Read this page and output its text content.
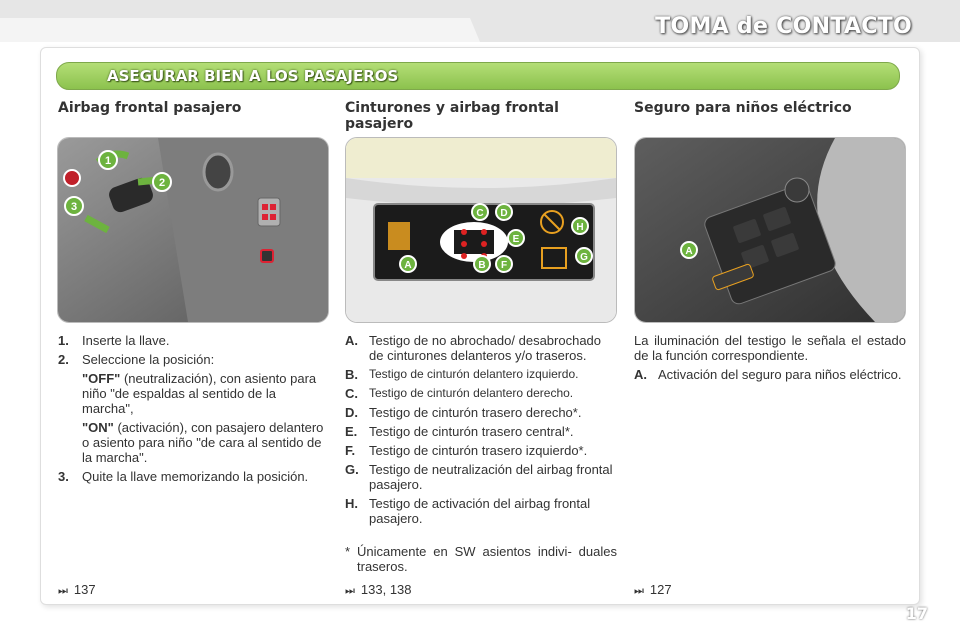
TOMA de CONTACTO
ASEGURAR BIEN A LOS PASAJEROS
Airbag frontal pasajero
1
2
3
1.	Inserte la llave.
2.	Seleccione la posición:
"OFF" (neutralización), con asiento para niño "de espaldas al sentido de la marcha",
"ON" (activación), con pasajero delantero o asiento para niño "de cara al sentido de la marcha".
3.	Quite la llave memorizando la posición.
⏭ 137
Cinturones y airbag frontal pasajero
C D
E
H
A	B F
G
A. Testigo de no abrochado/ desabrochado de cinturones delanteros y/o traseros.
B. Testigo de cinturón delantero izquierdo.
C. Testigo de cinturón delantero derecho.
D. Testigo de cinturón trasero derecho*.
E. Testigo de cinturón trasero central*.
F.	Testigo de cinturón trasero izquierdo*.
G. Testigo de neutralización del airbag frontal pasajero.
H. Testigo de activación del airbag frontal pasajero.
* Únicamente en SW asientos indivi- duales traseros.
⏭ 133, 138
Seguro para niños eléctrico
A
La iluminación del testigo le señala el estado de la función correspondiente.
A. Activación del seguro para niños eléctrico.
⏭ 127
17
